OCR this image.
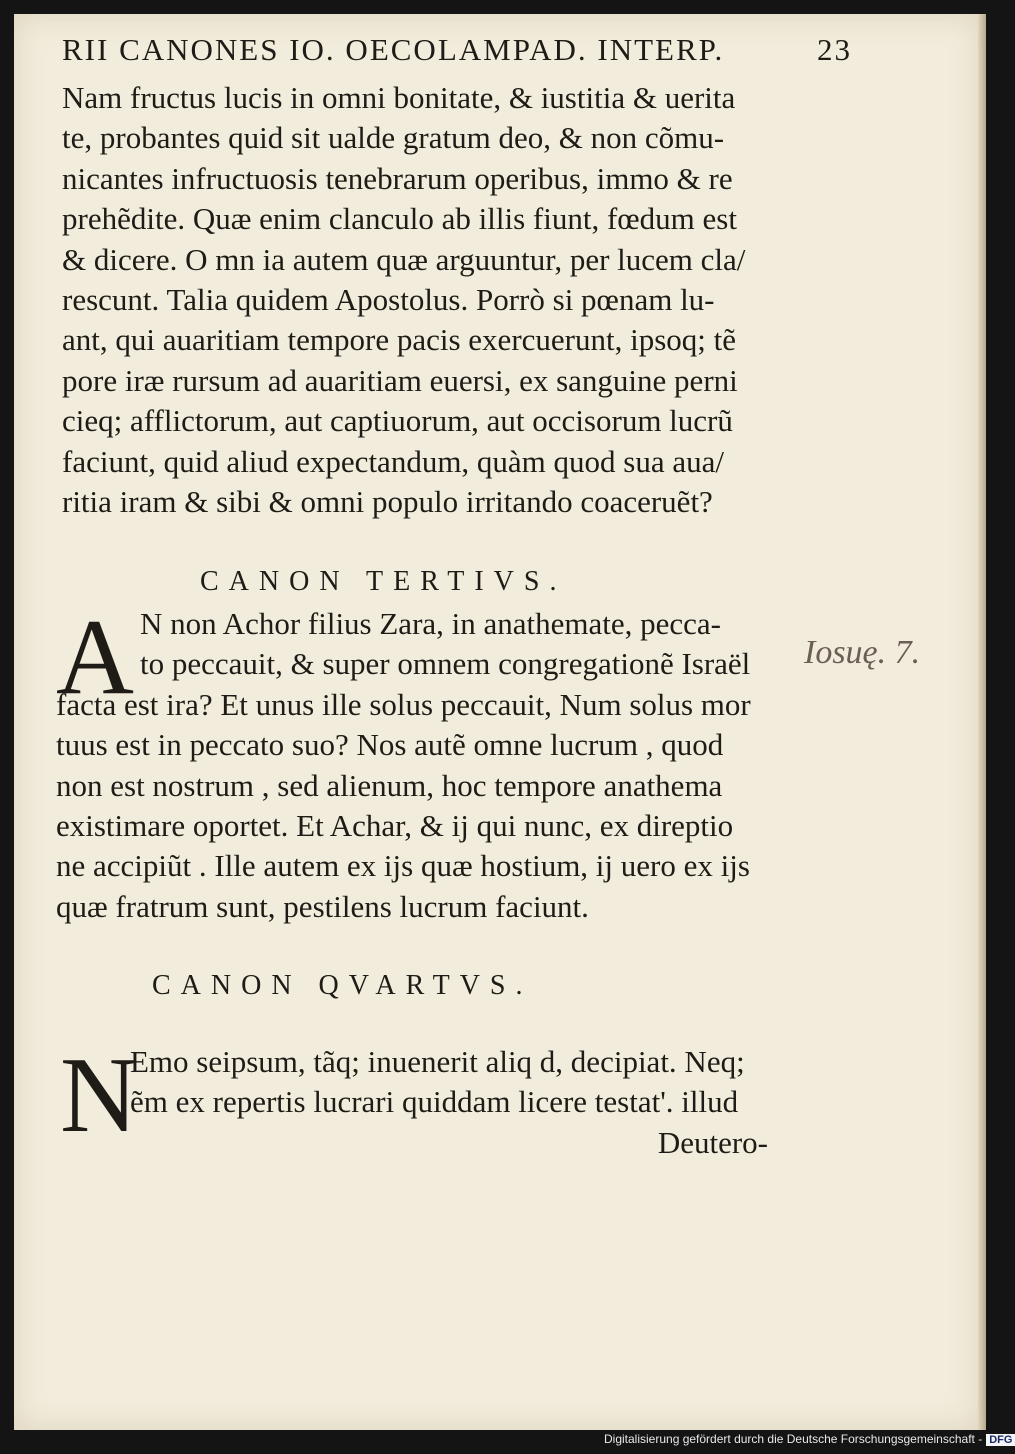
RII CANONES IO. OECOLAMPAD. INTERP.	23
Nam fructus lucis in omni bonitate, & iustitia & uerita
te, probantes quid sit ualde gratum deo, & non cõmu-
nicantes infructuosis tenebrarum operibus, immo & re
prehẽdite. Quæ enim clanculo ab illis fiunt, fœdum est
& dicere. O mn ia autem quæ arguuntur, per lucem cla/
rescunt. Talia quidem Apostolus. Porrò si pœnam lu-
ant, qui auaritiam tempore pacis exercuerunt, ipsoq; tẽ
pore iræ rursum ad auaritiam euersi, ex sanguine perni
cieq; afflictorum, aut captiuorum, aut occisorum lucrũ
faciunt, quid aliud expectandum, quàm quod sua aua/
ritia iram & sibi & omni populo irritando coaceruẽt?
CANON TERTIVS.
A N non Achor filius Zara, in anathemate, pecca-
to peccauit, & super omnem congregationẽ Israël
facta est ira? Et unus ille solus peccauit, Num solus mor
tuus est in peccato suo? Nos autẽ omne lucrum , quod
non est nostrum , sed alienum, hoc tempore anathema
existimare oportet. Et Achar, & ij qui nunc, ex direptio
ne accipiũt . Ille autem ex ijs quæ hostium, ij uero ex ijs
quæ fratrum sunt, pestilens lucrum faciunt.
Iosuę. 7.
CANON QVARTVS.
N
Emo seipsum, tãq; inuenerit aliq d, decipiat. Neq;
ẽm ex repertis lucrari quiddam licere testat'. illud
Deutero-
Digitalisierung gefördert durch die Deutsche Forschungsgemeinschaft - DFG
